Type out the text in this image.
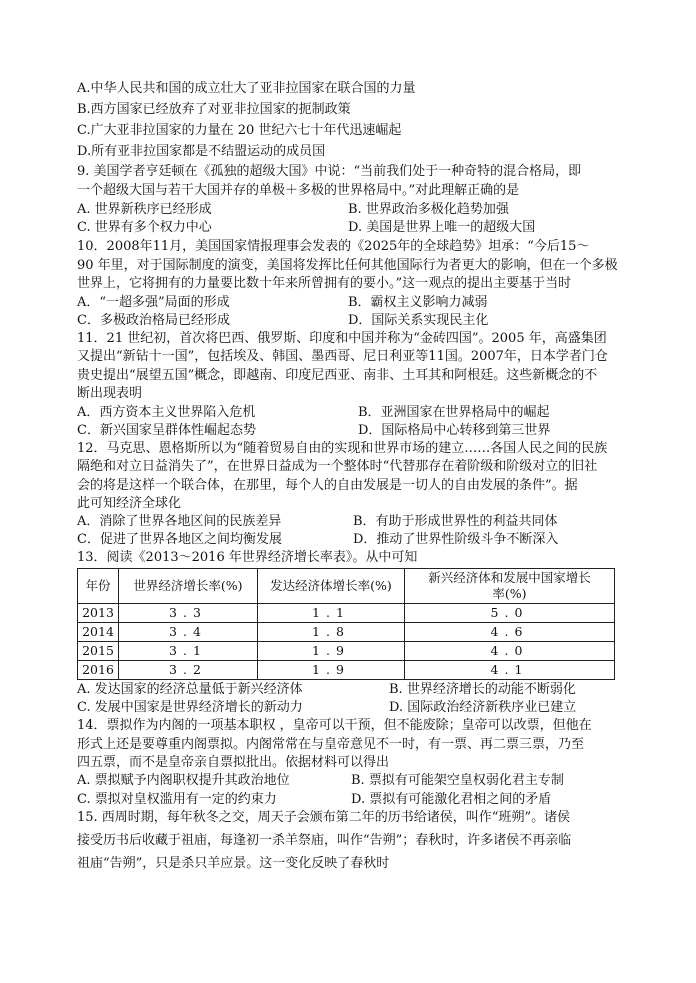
A.中华人民共和国的成立壮大了亚非拉国家在联合国的力量
B.西方国家已经放弃了对亚非拉国家的扼制政策
C.广大亚非拉国家的力量在 20 世纪六七十年代迅速崛起
D.所有亚非拉国家都是不结盟运动的成员国
9. 美国学者亨廷顿在《孤独的超级大国》中说：“当前我们处于一种奇特的混合格局，即
一个超级大国与若干大国并存的单极＋多极的世界格局中。”对此理解正确的是
A. 世界新秩序已经形成	B. 世界政治多极化趋势加强
C. 世界有多个权力中心	D. 美国是世界上唯一的超级大国
10．2008年11月，美国国家情报理事会发表的《2025年的全球趋势》坦承：“今后15～
90 年里，对于国际制度的演变，美国将发挥比任何其他国际行为者更大的影响，但在一个多极
世界上，它将拥有的力量要比数十年来所曾拥有的要小。”这一观点的提出主要基于当时
A．“一超多强”局面的形成	B．霸权主义影响力减弱
C．多极政治格局已经形成	D．国际关系实现民主化
11．21 世纪初，首次将巴西、俄罗斯、印度和中国并称为“金砖四国”。2005 年，高盛集团
又提出“新钻十一国”，包括埃及、韩国、墨西哥、尼日利亚等11国。2007年，日本学者门仓
贵史提出“展望五国”概念，即越南、印度尼西亚、南非、土耳其和阿根廷。这些新概念的不
断出现表明
A．西方资本主义世界陷入危机	B．亚洲国家在世界格局中的崛起
C．新兴国家呈群体性崛起态势	D．国际格局中心转移到第三世界
12．马克思、恩格斯所以为“随着贸易自由的实现和世界市场的建立……各国人民之间的民族
隔绝和对立日益消失了”，在世界日益成为一个整体时“代替那存在着阶级和阶级对立的旧社
会的将是这样一个联合体，在那里，每个人的自由发展是一切人的自由发展的条件”。据
此可知经济全球化
A．消除了世界各地区间的民族差异	B．有助于形成世界性的利益共同体
C．促进了世界各地区之间均衡发展	D．推动了世界性阶级斗争不断深入
13．阅读《2013～2016 年世界经济增长率表》。从中可知
年份	世界经济增长率(%)	发达经济体增长率(%)	新兴经济体和发展中国家增长率(%)
2013	3.3	1.1	5.0
2014	3.4	1.8	4.6
2015	3.1	1.9	4.0
2016	3.2	1.9	4.1
A. 发达国家的经济总量低于新兴经济体	B. 世界经济增长的动能不断弱化
C. 发展中国家是世界经济增长的新动力	D. 国际政治经济新秩序业已建立
14．票拟作为内阁的一项基本职权 ，皇帝可以干预，但不能废除；皇帝可以改票，但他在
形式上还是要尊重内阁票拟。内阁常常在与皇帝意见不一时，有一票、再二票三票，乃至
四五票，而不是皇帝亲自票拟批出。依据材料可以得出
A. 票拟赋予内阁职权提升其政治地位	B. 票拟有可能架空皇权弱化君主专制
C. 票拟对皇权滥用有一定的约束力	D. 票拟有可能激化君相之间的矛盾
15. 西周时期，每年秋冬之交，周天子会颁布第二年的历书给诸侯，叫作“班朔”。诸侯
接受历书后收藏于祖庙，每逢初一杀羊祭庙，叫作“告朔”；春秋时，许多诸侯不再亲临
祖庙“告朔”，只是杀只羊应景。这一变化反映了春秋时
